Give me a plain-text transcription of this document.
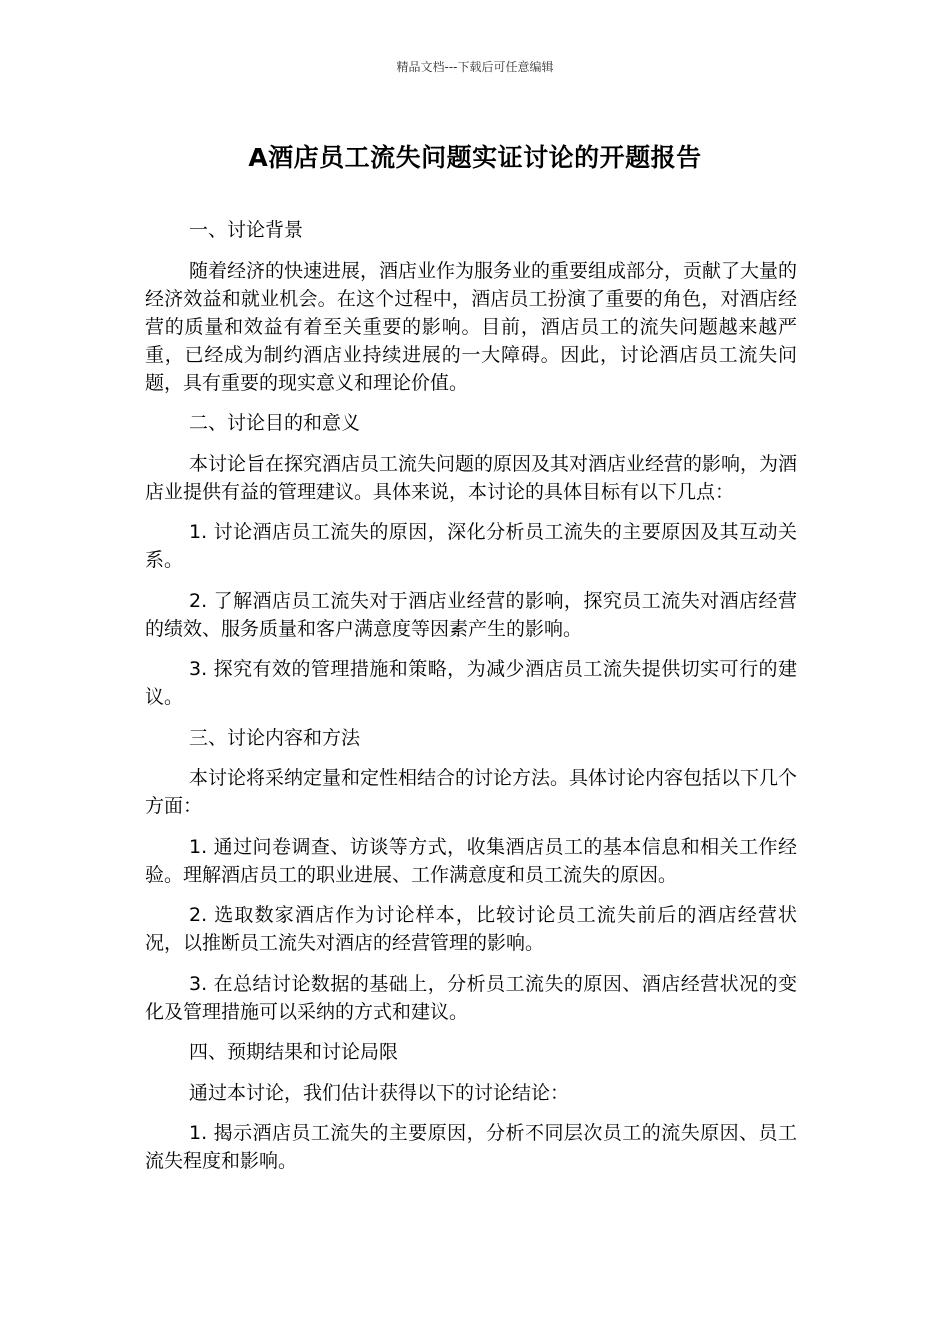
精品文档---下载后可任意编辑
A酒店员工流失问题实证讨论的开题报告

一、讨论背景

随着经济的快速进展，酒店业作为服务业的重要组成部分，贡献了大量的经济效益和就业机会。在这个过程中，酒店员工扮演了重要的角色，对酒店经营的质量和效益有着至关重要的影响。目前，酒店员工的流失问题越来越严重，已经成为制约酒店业持续进展的一大障碍。因此，讨论酒店员工流失问题，具有重要的现实意义和理论价值。

二、讨论目的和意义

本讨论旨在探究酒店员工流失问题的原因及其对酒店业经营的影响，为酒店业提供有益的管理建议。具体来说，本讨论的具体目标有以下几点：

1. 讨论酒店员工流失的原因，深化分析员工流失的主要原因及其互动关系。

2. 了解酒店员工流失对于酒店业经营的影响，探究员工流失对酒店经营的绩效、服务质量和客户满意度等因素产生的影响。

3. 探究有效的管理措施和策略，为减少酒店员工流失提供切实可行的建议。

三、讨论内容和方法

本讨论将采纳定量和定性相结合的讨论方法。具体讨论内容包括以下几个方面：

1. 通过问卷调查、访谈等方式，收集酒店员工的基本信息和相关工作经验。理解酒店员工的职业进展、工作满意度和员工流失的原因。

2. 选取数家酒店作为讨论样本，比较讨论员工流失前后的酒店经营状况，以推断员工流失对酒店的经营管理的影响。

3. 在总结讨论数据的基础上，分析员工流失的原因、酒店经营状况的变化及管理措施可以采纳的方式和建议。

四、预期结果和讨论局限

通过本讨论，我们估计获得以下的讨论结论：

1. 揭示酒店员工流失的主要原因，分析不同层次员工的流失原因、员工流失程度和影响。
